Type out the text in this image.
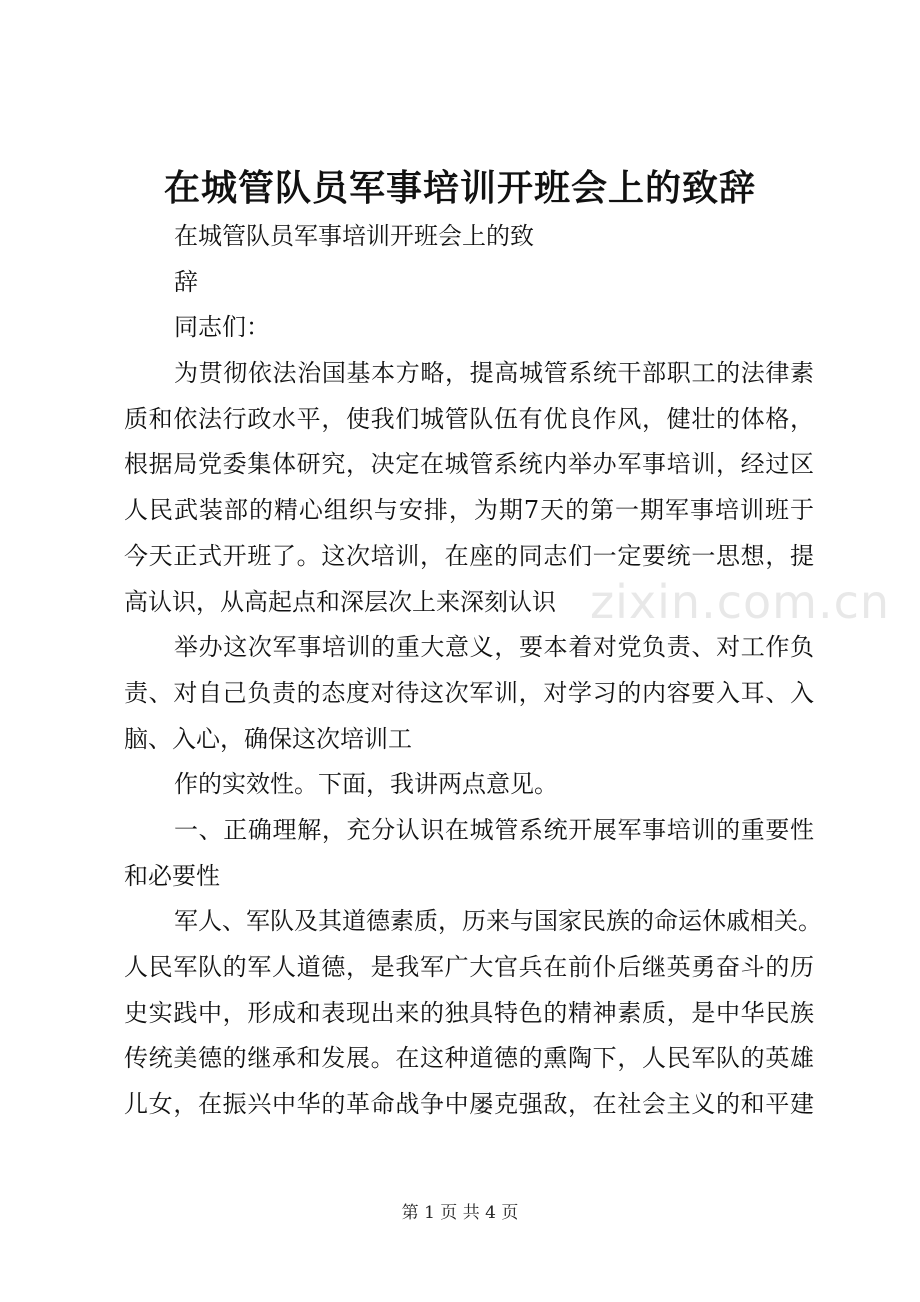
在城管队员军事培训开班会上的致辞
在城管队员军事培训开班会上的致
辞
同志们：
为贯彻依法治国基本方略，提高城管系统干部职工的法律素
质和依法行政水平，使我们城管队伍有优良作风，健壮的体格，
根据局党委集体研究，决定在城管系统内举办军事培训，经过区
人民武装部的精心组织与安排，为期7天的第一期军事培训班于
今天正式开班了。这次培训，在座的同志们一定要统一思想，提
高认识，从高起点和深层次上来深刻认识
举办这次军事培训的重大意义，要本着对党负责、对工作负
责、对自己负责的态度对待这次军训，对学习的内容要入耳、入
脑、入心，确保这次培训工
作的实效性。下面，我讲两点意见。
一、正确理解，充分认识在城管系统开展军事培训的重要性
和必要性
军人、军队及其道德素质，历来与国家民族的命运休戚相关。
人民军队的军人道德，是我军广大官兵在前仆后继英勇奋斗的历
史实践中，形成和表现出来的独具特色的精神素质，是中华民族
传统美德的继承和发展。在这种道德的熏陶下，人民军队的英雄
儿女，在振兴中华的革命战争中屡克强敌，在社会主义的和平建
zixin.com.cn
第 1 页 共 4 页
